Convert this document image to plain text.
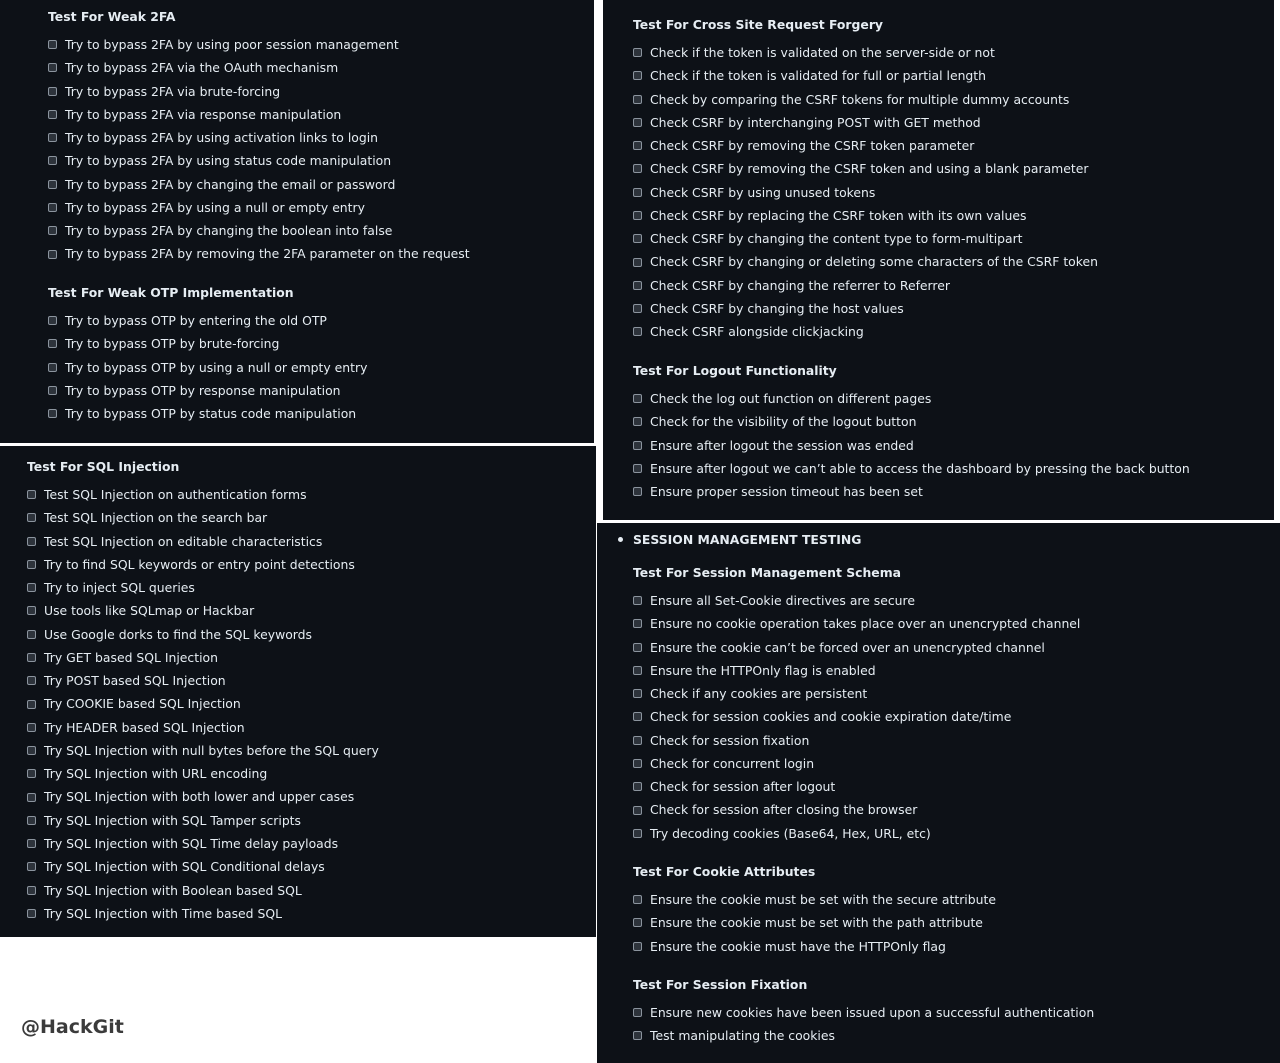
Test For Weak 2FA
Try to bypass 2FA by using poor session management
Try to bypass 2FA via the OAuth mechanism
Try to bypass 2FA via brute-forcing
Try to bypass 2FA via response manipulation
Try to bypass 2FA by using activation links to login
Try to bypass 2FA by using status code manipulation
Try to bypass 2FA by changing the email or password
Try to bypass 2FA by using a null or empty entry
Try to bypass 2FA by changing the boolean into false
Try to bypass 2FA by removing the 2FA parameter on the request
Test For Weak OTP Implementation
Try to bypass OTP by entering the old OTP
Try to bypass OTP by brute-forcing
Try to bypass OTP by using a null or empty entry
Try to bypass OTP by response manipulation
Try to bypass OTP by status code manipulation
Test For SQL Injection
Test SQL Injection on authentication forms
Test SQL Injection on the search bar
Test SQL Injection on editable characteristics
Try to find SQL keywords or entry point detections
Try to inject SQL queries
Use tools like SQLmap or Hackbar
Use Google dorks to find the SQL keywords
Try GET based SQL Injection
Try POST based SQL Injection
Try COOKIE based SQL Injection
Try HEADER based SQL Injection
Try SQL Injection with null bytes before the SQL query
Try SQL Injection with URL encoding
Try SQL Injection with both lower and upper cases
Try SQL Injection with SQL Tamper scripts
Try SQL Injection with SQL Time delay payloads
Try SQL Injection with SQL Conditional delays
Try SQL Injection with Boolean based SQL
Try SQL Injection with Time based SQL
Test For Cross Site Request Forgery
Check if the token is validated on the server-side or not
Check if the token is validated for full or partial length
Check by comparing the CSRF tokens for multiple dummy accounts
Check CSRF by interchanging POST with GET method
Check CSRF by removing the CSRF token parameter
Check CSRF by removing the CSRF token and using a blank parameter
Check CSRF by using unused tokens
Check CSRF by replacing the CSRF token with its own values
Check CSRF by changing the content type to form-multipart
Check CSRF by changing or deleting some characters of the CSRF token
Check CSRF by changing the referrer to Referrer
Check CSRF by changing the host values
Check CSRF alongside clickjacking
Test For Logout Functionality
Check the log out function on different pages
Check for the visibility of the logout button
Ensure after logout the session was ended
Ensure after logout we can’t able to access the dashboard by pressing the back button
Ensure proper session timeout has been set
SESSION MANAGEMENT TESTING
Test For Session Management Schema
Ensure all Set-Cookie directives are secure
Ensure no cookie operation takes place over an unencrypted channel
Ensure the cookie can’t be forced over an unencrypted channel
Ensure the HTTPOnly flag is enabled
Check if any cookies are persistent
Check for session cookies and cookie expiration date/time
Check for session fixation
Check for concurrent login
Check for session after logout
Check for session after closing the browser
Try decoding cookies (Base64, Hex, URL, etc)
Test For Cookie Attributes
Ensure the cookie must be set with the secure attribute
Ensure the cookie must be set with the path attribute
Ensure the cookie must have the HTTPOnly flag
Test For Session Fixation
Ensure new cookies have been issued upon a successful authentication
Test manipulating the cookies
@HackGit
